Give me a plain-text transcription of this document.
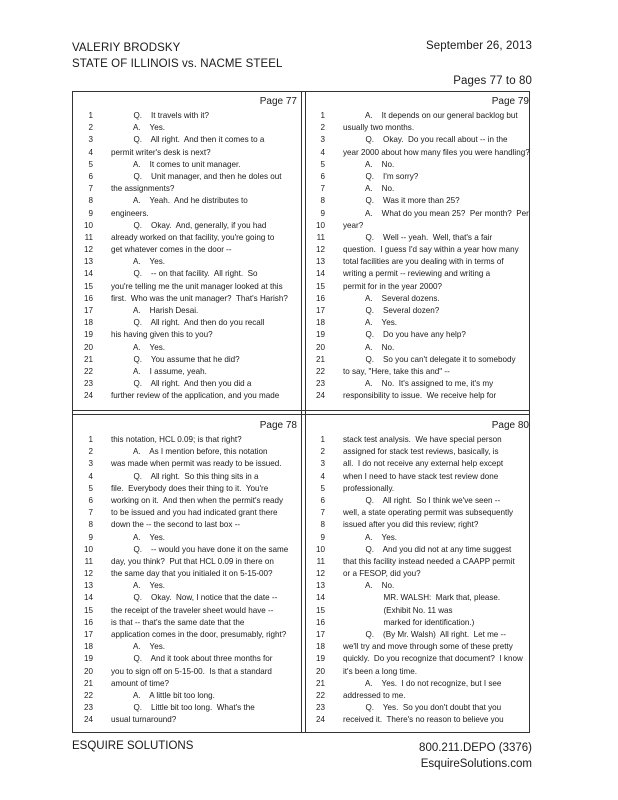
VALERIY BRODSKY
STATE OF ILLINOIS vs. NACME STEEL
September 26, 2013
Pages 77 to 80
Page 77
1 Q.    It travels with it?
2 A.    Yes.
3 Q.    All right.  And then it comes to a
4 permit writer's desk is next?
5 A.    It comes to unit manager.
6 Q.    Unit manager, and then he doles out
7 the assignments?
8 A.    Yeah.  And he distributes to
9 engineers.
10 Q.    Okay.  And, generally, if you had
11 already worked on that facility, you're going to
12 get whatever comes in the door --
13 A.    Yes.
14 Q.    -- on that facility.  All right.  So
15 you're telling me the unit manager looked at this
16 first.  Who was the unit manager?  That's Harish?
17 A.    Harish Desai.
18 Q.    All right.  And then do you recall
19 his having given this to you?
20 A.    Yes.
21 Q.    You assume that he did?
22 A.    I assume, yeah.
23 Q.    All right.  And then you did a
24 further review of the application, and you made
Page 79
1 A.    It depends on our general backlog but
2 usually two months.
3 Q.    Okay.  Do you recall about -- in the
4 year 2000 about how many files you were handling?
5 A.    No.
6 Q.    I'm sorry?
7 A.    No.
8 Q.    Was it more than 25?
9 A.    What do you mean 25?  Per month?  Per
10 year?
11 Q.    Well -- yeah.  Well, that's a fair
12 question.  I guess I'd say within a year how many
13 total facilities are you dealing with in terms of
14 writing a permit -- reviewing and writing a
15 permit for in the year 2000?
16 A.    Several dozens.
17 Q.    Several dozen?
18 A.    Yes.
19 Q.    Do you have any help?
20 A.    No.
21 Q.    So you can't delegate it to somebody
22 to say, "Here, take this and" --
23 A.    No.  It's assigned to me, it's my
24 responsibility to issue.  We receive help for
Page 78
1 this notation, HCL 0.09; is that right?
2 A.    As I mention before, this notation
3 was made when permit was ready to be issued.
4 Q.    All right.  So this thing sits in a
5 file.  Everybody does their thing to it.  You're
6 working on it.  And then when the permit's ready
7 to be issued and you had indicated grant there
8 down the -- the second to last box --
9 A.    Yes.
10 Q.    -- would you have done it on the same
11 day, you think?  Put that HCL 0.09 in there on
12 the same day that you initialed it on 5-15-00?
13 A.    Yes.
14 Q.    Okay.  Now, I notice that the date --
15 the receipt of the traveler sheet would have --
16 is that -- that's the same date that the
17 application comes in the door, presumably, right?
18 A.    Yes.
19 Q.    And it took about three months for
20 you to sign off on 5-15-00.  Is that a standard
21 amount of time?
22 A.    A little bit too long.
23 Q.    Little bit too long.  What's the
24 usual turnaround?
Page 80
1 stack test analysis.  We have special person
2 assigned for stack test reviews, basically, is
3 all.  I do not receive any external help except
4 when I need to have stack test review done
5 professionally.
6 Q.    All right.  So I think we've seen --
7 well, a state operating permit was subsequently
8 issued after you did this review; right?
9 A.    Yes.
10 Q.    And you did not at any time suggest
11 that this facility instead needed a CAAPP permit
12 or a FESOP, did you?
13 A.    No.
14 MR. WALSH:  Mark that, please.
15 (Exhibit No. 11 was
16 marked for identification.)
17 Q.    (By Mr. Walsh)  All right.  Let me --
18 we'll try and move through some of these pretty
19 quickly.  Do you recognize that document?  I know
20 it's been a long time.
21 A.    Yes.  I do not recognize, but I see
22 addressed to me.
23 Q.    Yes.  So you don't doubt that you
24 received it.  There's no reason to believe you
ESQUIRE SOLUTIONS	800.211.DEPO (3376)
EsquireSolutions.com
